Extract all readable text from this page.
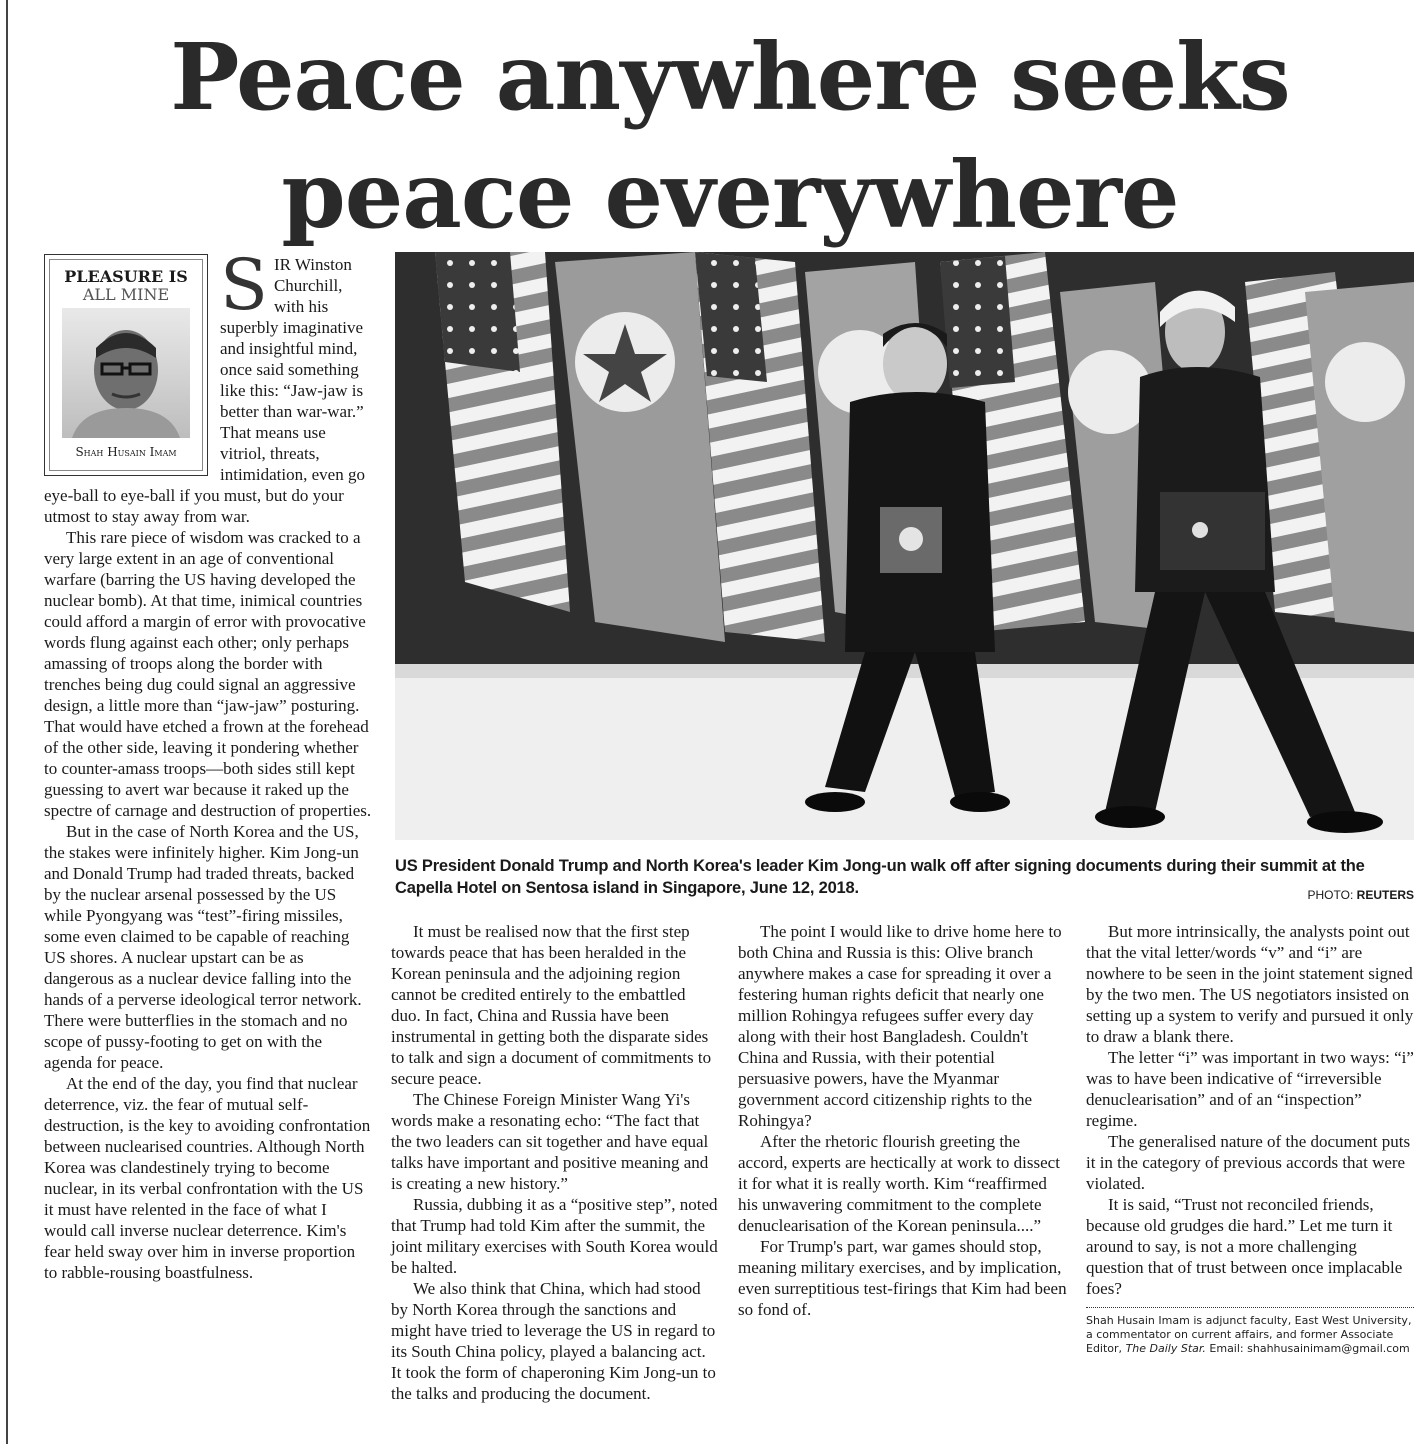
Peace anywhere seeks
peace everywhere
PLEASURE IS
ALL MINE
Shah Husain Imam

SIR Winston Churchill, with his superbly imaginative and insightful mind, once said something like this: “Jaw-jaw is better than war-war.” That means use vitriol, threats, intimidation, even go eye-ball to eye-ball if you must, but do your utmost to stay away from war.

This rare piece of wisdom was cracked to a very large extent in an age of conventional warfare (barring the US having developed the nuclear bomb). At that time, inimical countries could afford a margin of error with provocative words flung against each other; only perhaps amassing of troops along the border with trenches being dug could signal an aggressive design, a little more than “jaw-jaw” posturing. That would have etched a frown at the forehead of the other side, leaving it pondering whether to counter-amass troops—both sides still kept guessing to avert war because it raked up the spectre of carnage and destruction of properties.

But in the case of North Korea and the US, the stakes were infinitely higher. Kim Jong-un and Donald Trump had traded threats, backed by the nuclear arsenal possessed by the US while Pyongyang was “test”-firing missiles, some even claimed to be capable of reaching US shores. A nuclear upstart can be as dangerous as a nuclear device falling into the hands of a perverse ideological terror network. There were butterflies in the stomach and no scope of pussy-footing to get on with the agenda for peace.

At the end of the day, you find that nuclear deterrence, viz. the fear of mutual self-destruction, is the key to avoiding confrontation between nuclearised countries. Although North Korea was clandestinely trying to become nuclear, in its verbal confrontation with the US it must have relented in the face of what I would call inverse nuclear deterrence. Kim's fear held sway over him in inverse proportion to rabble-rousing boastfulness.

US President Donald Trump and North Korea's leader Kim Jong-un walk off after signing documents during their summit at the Capella Hotel on Sentosa island in Singapore, June 12, 2018.	PHOTO: REUTERS

It must be realised now that the first step towards peace that has been heralded in the Korean peninsula and the adjoining region cannot be credited entirely to the embattled duo. In fact, China and Russia have been instrumental in getting both the disparate sides to talk and sign a document of commitments to secure peace.

The Chinese Foreign Minister Wang Yi's words make a resonating echo: “The fact that the two leaders can sit together and have equal talks have important and positive meaning and is creating a new history.”

Russia, dubbing it as a “positive step”, noted that Trump had told Kim after the summit, the joint military exercises with South Korea would be halted.

We also think that China, which had stood by North Korea through the sanctions and might have tried to leverage the US in regard to its South China policy, played a balancing act. It took the form of chaperoning Kim Jong-un to the talks and producing the document.

The point I would like to drive home here to both China and Russia is this: Olive branch anywhere makes a case for spreading it over a festering human rights deficit that nearly one million Rohingya refugees suffer every day along with their host Bangladesh. Couldn't China and Russia, with their potential persuasive powers, have the Myanmar government accord citizenship rights to the Rohingya?

After the rhetoric flourish greeting the accord, experts are hectically at work to dissect it for what it is really worth. Kim “reaffirmed his unwavering commitment to the complete denuclearisation of the Korean peninsula....”

For Trump's part, war games should stop, meaning military exercises, and by implication, even surreptitious test-firings that Kim had been so fond of.

But more intrinsically, the analysts point out that the vital letter/words “v” and “i” are nowhere to be seen in the joint statement signed by the two men. The US negotiators insisted on setting up a system to verify and pursued it only to draw a blank there.

The letter “i” was important in two ways: “i” was to have been indicative of “irreversible denuclearisation” and of an “inspection” regime.

The generalised nature of the document puts it in the category of previous accords that were violated.

It is said, “Trust not reconciled friends, because old grudges die hard.” Let me turn it around to say, is not a more challenging question that of trust between once implacable foes?

Shah Husain Imam is adjunct faculty, East West University, a commentator on current affairs, and former Associate Editor, The Daily Star. Email: shahhusainimam@gmail.com
